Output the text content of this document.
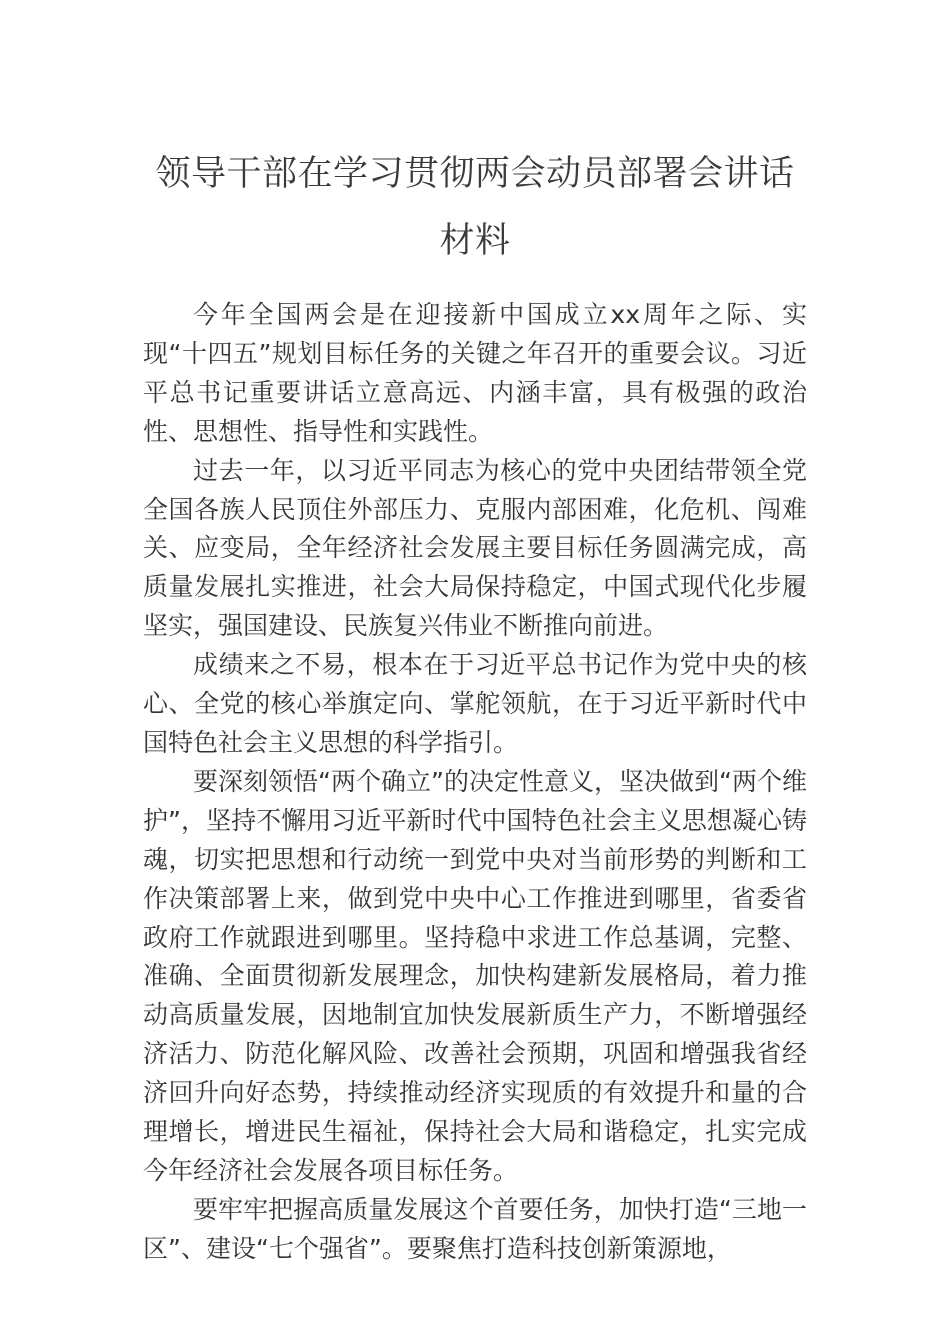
领导干部在学习贯彻两会动员部署会讲话
材料

今年全国两会是在迎接新中国成立xx周年之际、实现“十四五”规划目标任务的关键之年召开的重要会议。习近平总书记重要讲话立意高远、内涵丰富，具有极强的政治性、思想性、指导性和实践性。

过去一年，以习近平同志为核心的党中央团结带领全党全国各族人民顶住外部压力、克服内部困难，化危机、闯难关、应变局，全年经济社会发展主要目标任务圆满完成，高质量发展扎实推进，社会大局保持稳定，中国式现代化步履坚实，强国建设、民族复兴伟业不断推向前进。

成绩来之不易，根本在于习近平总书记作为党中央的核心、全党的核心举旗定向、掌舵领航，在于习近平新时代中国特色社会主义思想的科学指引。

要深刻领悟“两个确立”的决定性意义，坚决做到“两个维护”，坚持不懈用习近平新时代中国特色社会主义思想凝心铸魂，切实把思想和行动统一到党中央对当前形势的判断和工作决策部署上来，做到党中央中心工作推进到哪里，省委省政府工作就跟进到哪里。坚持稳中求进工作总基调，完整、准确、全面贯彻新发展理念，加快构建新发展格局，着力推动高质量发展，因地制宜加快发展新质生产力，不断增强经济活力、防范化解风险、改善社会预期，巩固和增强我省经济回升向好态势，持续推动经济实现质的有效提升和量的合理增长，增进民生福祉，保持社会大局和谐稳定，扎实完成今年经济社会发展各项目标任务。

要牢牢把握高质量发展这个首要任务，加快打造“三地一区”、建设“七个强省”。要聚焦打造科技创新策源地，
